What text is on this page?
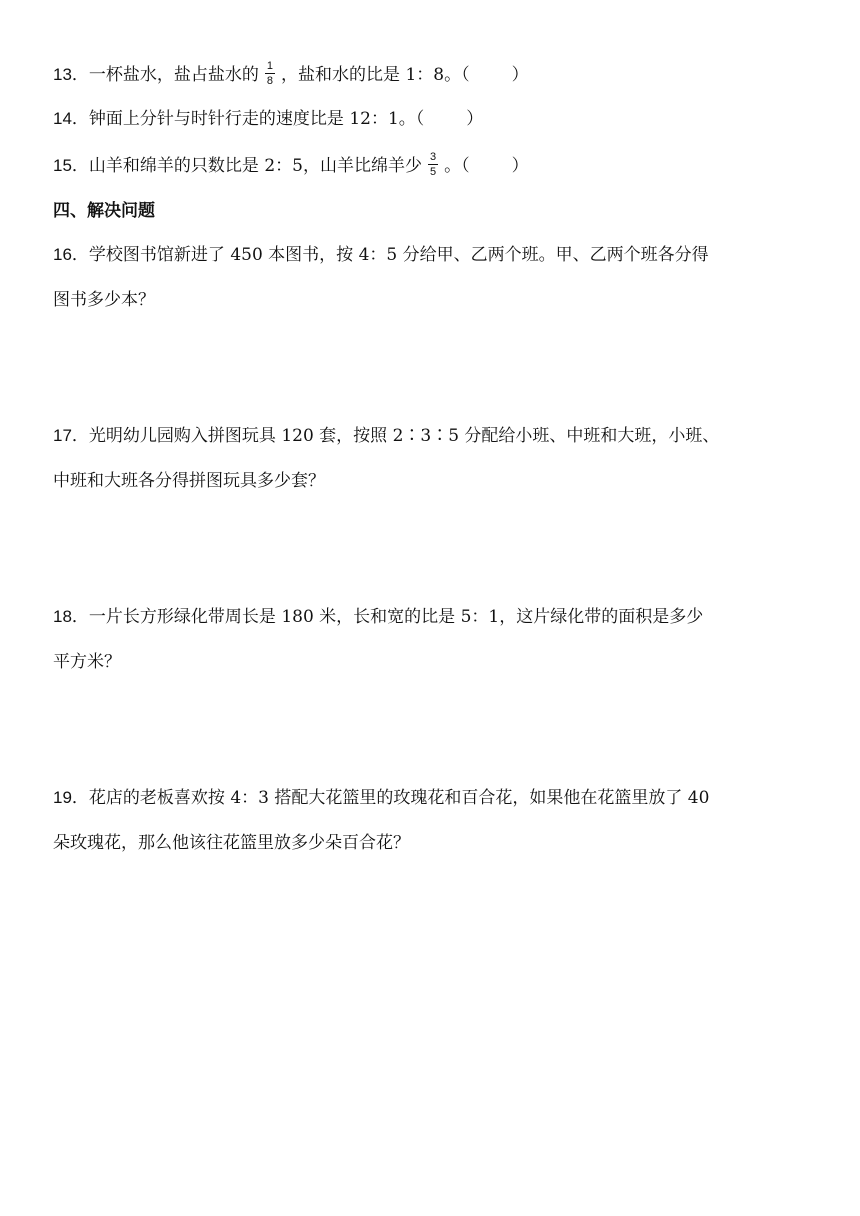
13．一杯盐水，盐占盐水的 $\frac{1}{8}$ ，盐和水的比是 1：8。（ ）
14．钟面上分针与时针行走的速度比是 12：1。（ ）
15．山羊和绵羊的只数比是 2：5，山羊比绵羊少 $\frac{3}{5}$ 。（ ）
四、解决问题
16．学校图书馆新进了 450 本图书，按 4：5 分给甲、乙两个班。甲、乙两个班各分得
图书多少本？
17．光明幼儿园购入拼图玩具 120 套，按照 2∶3∶5 分配给小班、中班和大班，小班、
中班和大班各分得拼图玩具多少套？
18．一片长方形绿化带周长是 180 米，长和宽的比是 5：1，这片绿化带的面积是多少
平方米？
19．花店的老板喜欢按 4：3 搭配大花篮里的玫瑰花和百合花，如果他在花篮里放了 40
朵玫瑰花，那么他该往花篮里放多少朵百合花？
